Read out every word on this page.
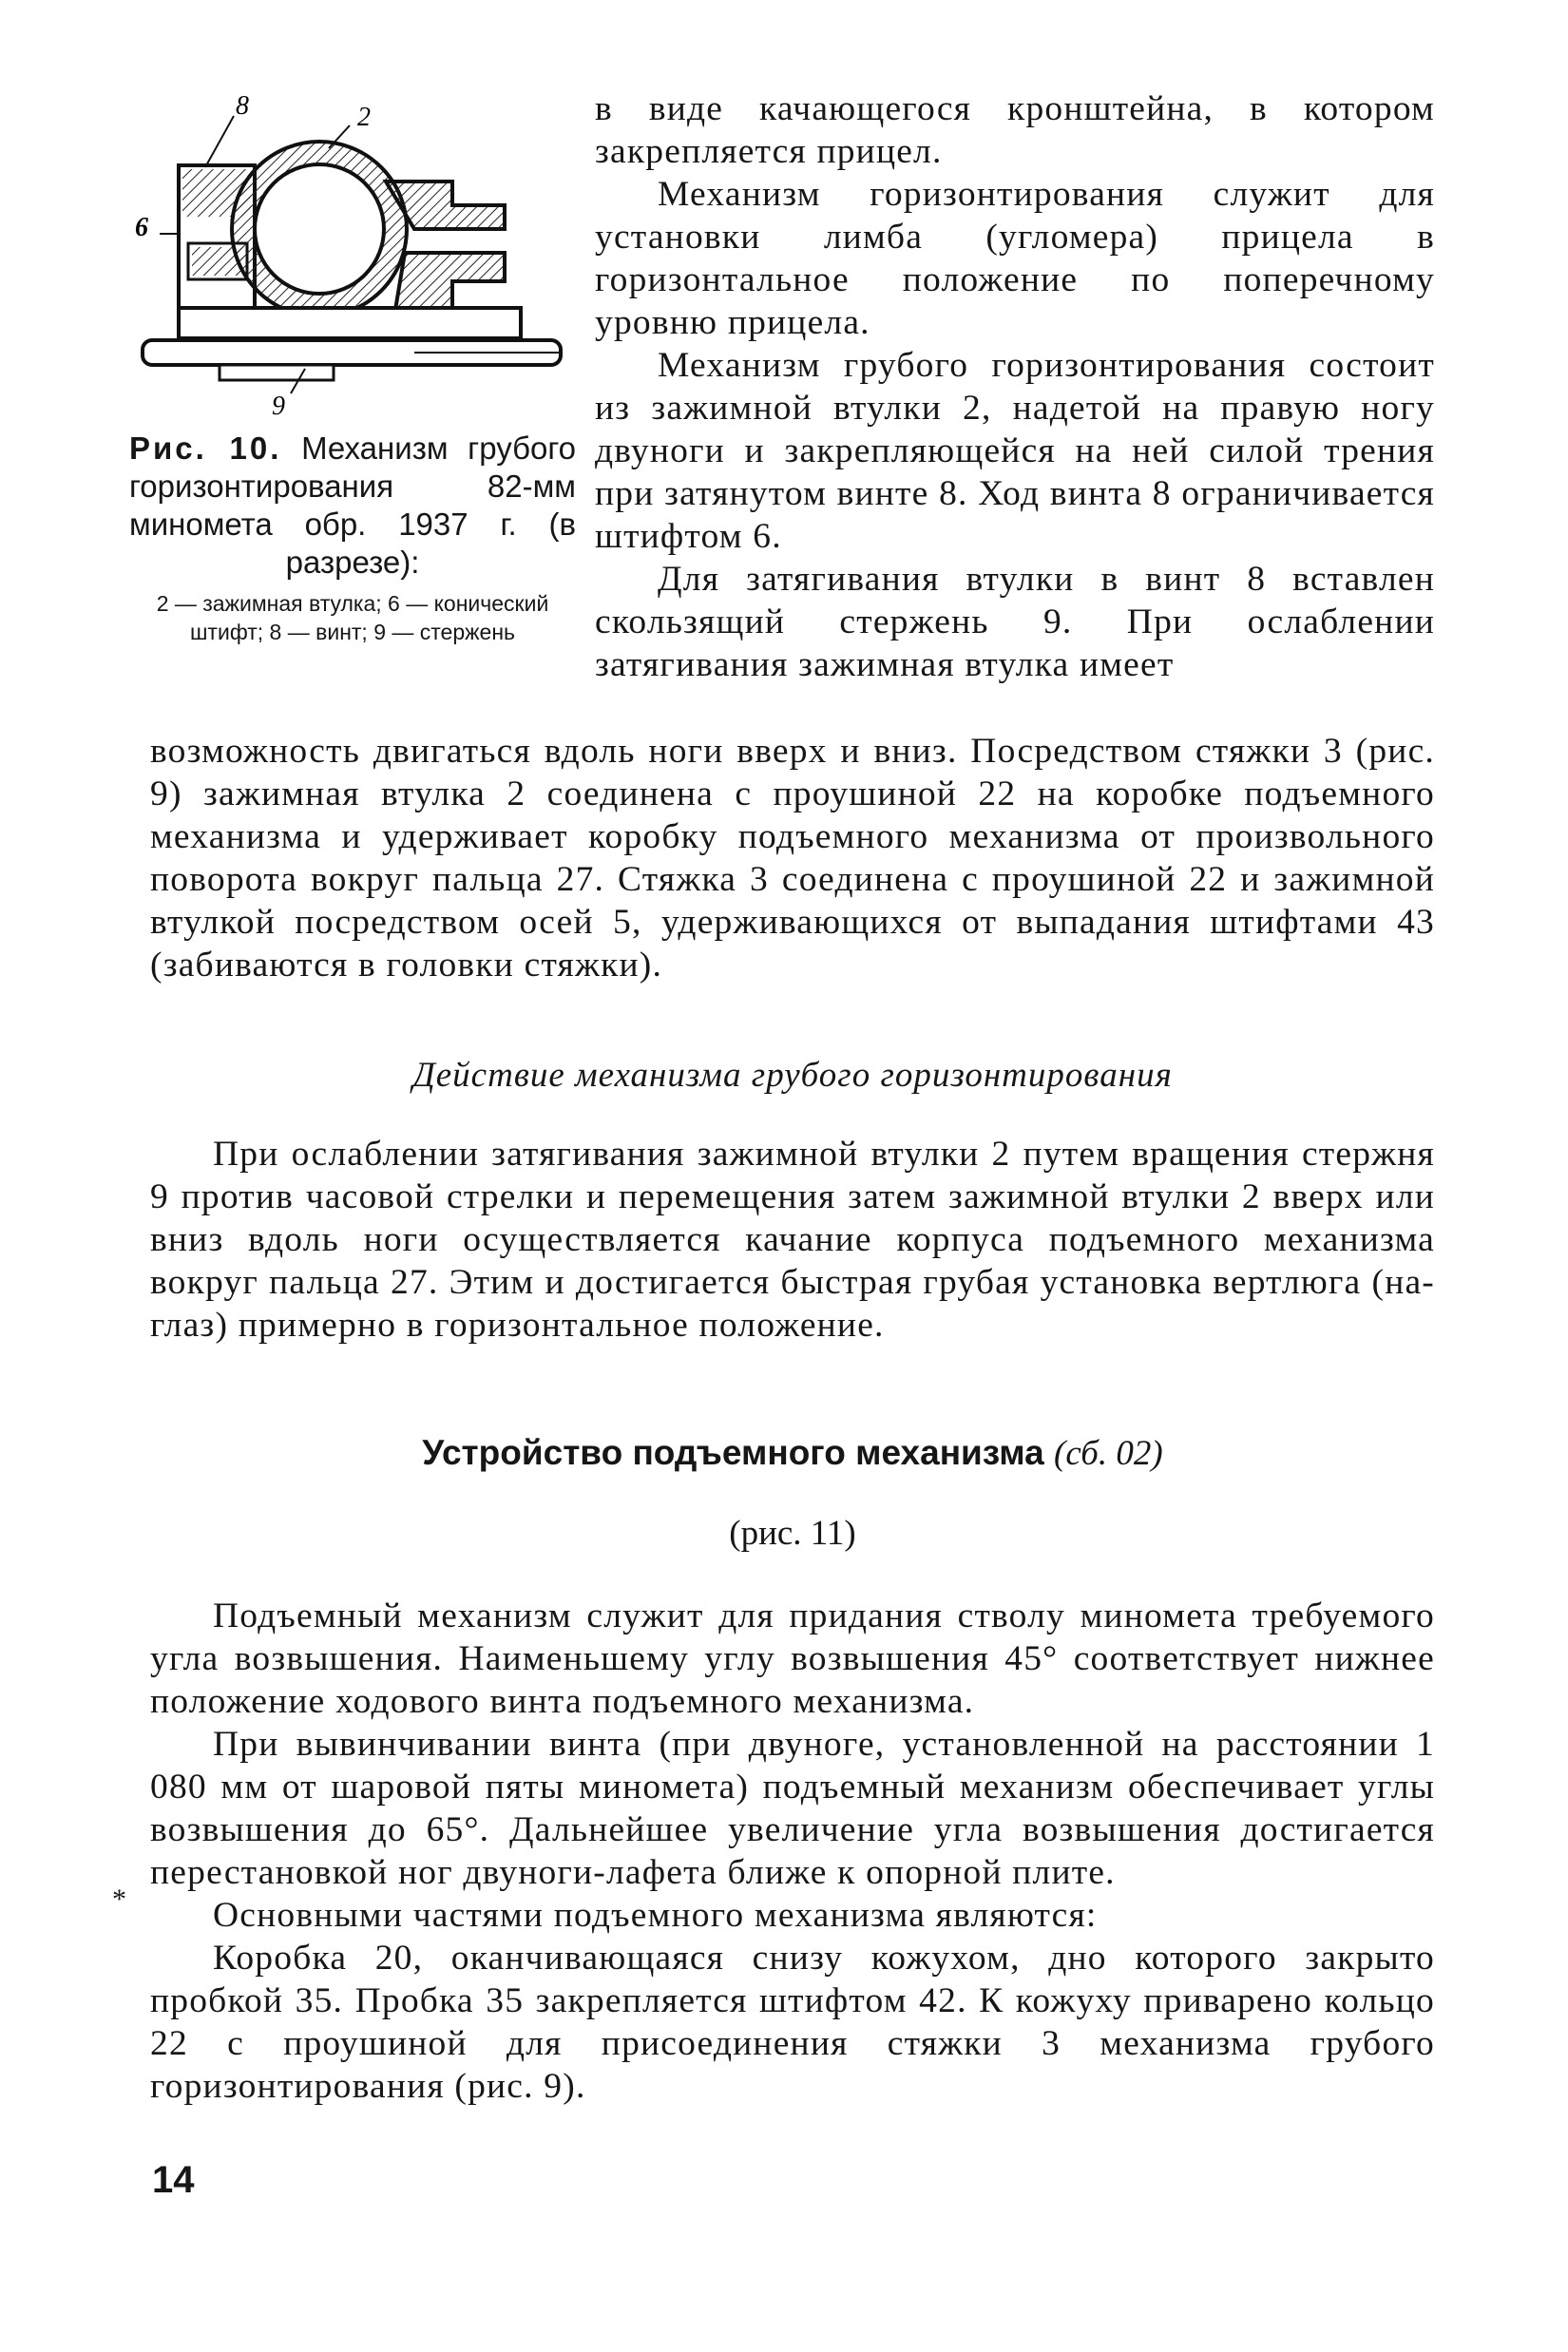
8	2
6
9
Рис. 10. Механизм грубого горизонтирования 82-мм миномета обр. 1937 г. (в разрезе):
2 — зажимная втулка; 6 — конический штифт; 8 — винт; 9 — стержень

в виде качающегося кронштейна, в котором закрепляется прицел.

Механизм горизонтирования служит для установки лимба (угломера) прицела в горизонтальное положение по поперечному уровню прицела.

Механизм грубого горизонтирования состоит из зажимной втулки 2, надетой на правую ногу двуноги и закрепляющейся на ней силой трения при затянутом винте 8. Ход винта 8 ограничивается штифтом 6.

Для затягивания втулки в винт 8 вставлен скользящий стержень 9. При ослаблении затягивания зажимная втулка имеет

возможность двигаться вдоль ноги вверх и вниз. Посредством стяжки 3 (рис. 9) зажимная втулка 2 соединена с проушиной 22 на коробке подъемного механизма и удерживает коробку подъемного механизма от произвольного поворота вокруг пальца 27. Стяжка 3 соединена с проушиной 22 и зажимной втулкой посредством осей 5, удерживающихся от выпадания штифтами 43 (забиваются в головки стяжки).

Действие механизма грубого горизонтирования

При ослаблении затягивания зажимной втулки 2 путем вращения стержня 9 против часовой стрелки и перемещения затем зажимной втулки 2 вверх или вниз вдоль ноги осуществляется качание корпуса подъемного механизма вокруг пальца 27. Этим и достигается быстрая грубая установка вертлюга (на-глаз) примерно в горизонтальное положение.

Устройство подъемного механизма (сб. 02)
(рис. 11)

Подъемный механизм служит для придания стволу миномета требуемого угла возвышения. Наименьшему углу возвышения 45° соответствует нижнее положение ходового винта подъемного механизма.

При вывинчивании винта (при двуноге, установленной на расстоянии 1 080 мм от шаровой пяты миномета) подъемный механизм обеспечивает углы возвышения до 65°. Дальнейшее увеличение угла возвышения достигается перестановкой ног двуноги-лафета ближе к опорной плите.

Основными частями подъемного механизма являются:

Коробка 20, оканчивающаяся снизу кожухом, дно которого закрыто пробкой 35. Пробка 35 закрепляется штифтом 42. К кожуху приварено кольцо 22 с проушиной для присоединения стяжки 3 механизма грубого горизонтирования (рис. 9).

*
14
